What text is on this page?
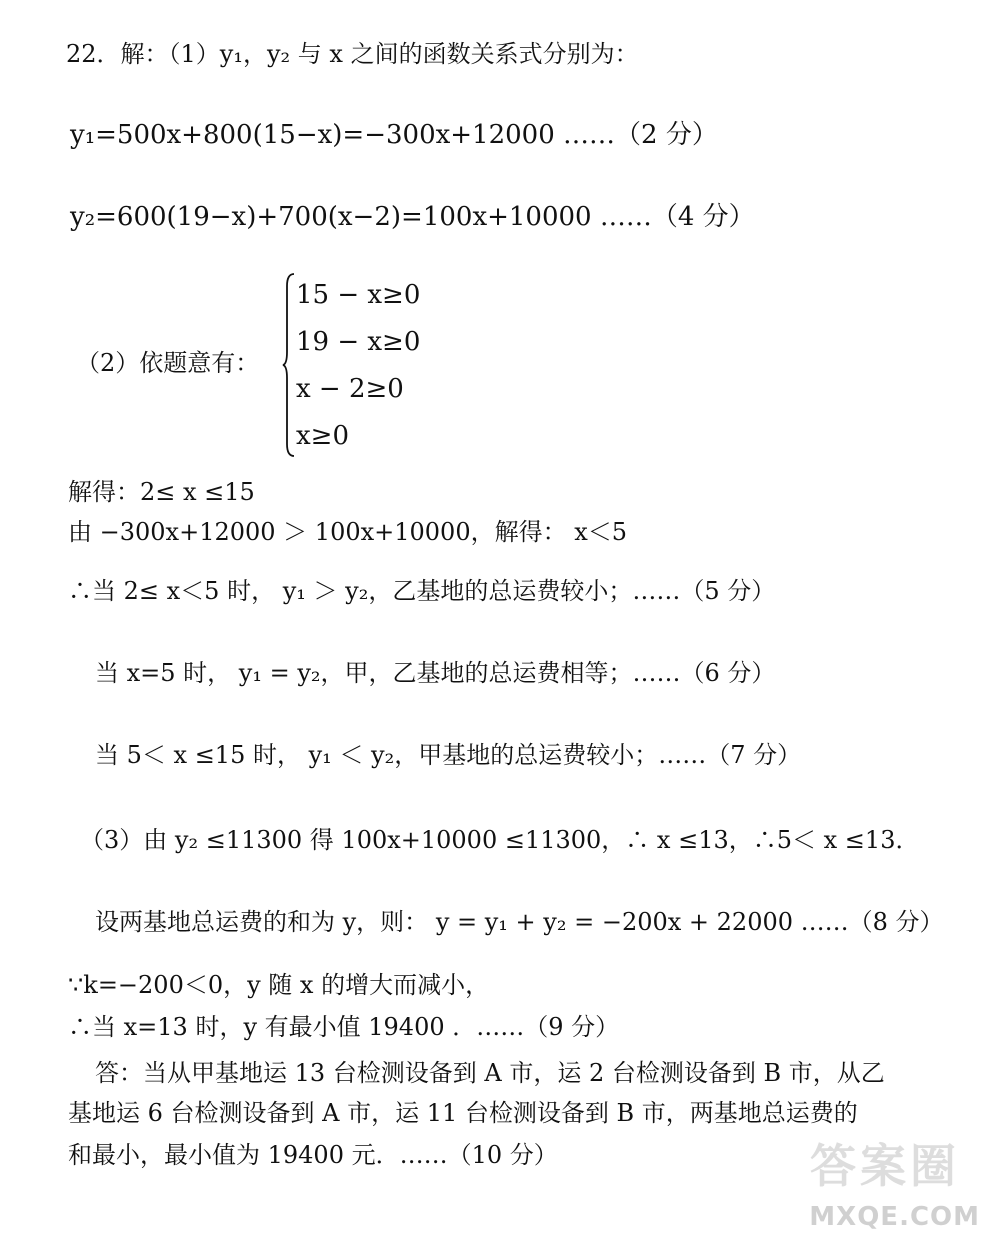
22．解：（1）y₁，y₂ 与 x 之间的函数关系式分别为：
y₁=500x+800(15−x)=−300x+12000 ……（2 分）
y₂=600(19−x)+700(x−2)=100x+10000 ……（4 分）
（2）依题意有：
15 − x≥0
19 − x≥0
x − 2≥0
x≥0
解得：2≤ x ≤15
由 −300x+12000 ＞ 100x+10000，解得： x＜5
∴当 2≤ x＜5 时， y₁ ＞ y₂，乙基地的总运费较小；……（5 分）
当 x=5 时， y₁ = y₂，甲，乙基地的总运费相等；……（6 分）
当 5＜ x ≤15 时， y₁ ＜ y₂，甲基地的总运费较小；……（7 分）
（3）由 y₂ ≤11300 得 100x+10000 ≤11300，∴ x ≤13，∴5＜ x ≤13．
设两基地总运费的和为 y，则： y = y₁ + y₂ = −200x + 22000 ……（8 分）
∵k=−200＜0，y 随 x 的增大而减小，
∴当 x=13 时，y 有最小值 19400 ．……（9 分）
答：当从甲基地运 13 台检测设备到 A 市，运 2 台检测设备到 B 市，从乙
基地运 6 台检测设备到 A 市，运 11 台检测设备到 B 市，两基地总运费的
和最小，最小值为 19400 元．……（10 分）	答案圈
MXQE.COM
